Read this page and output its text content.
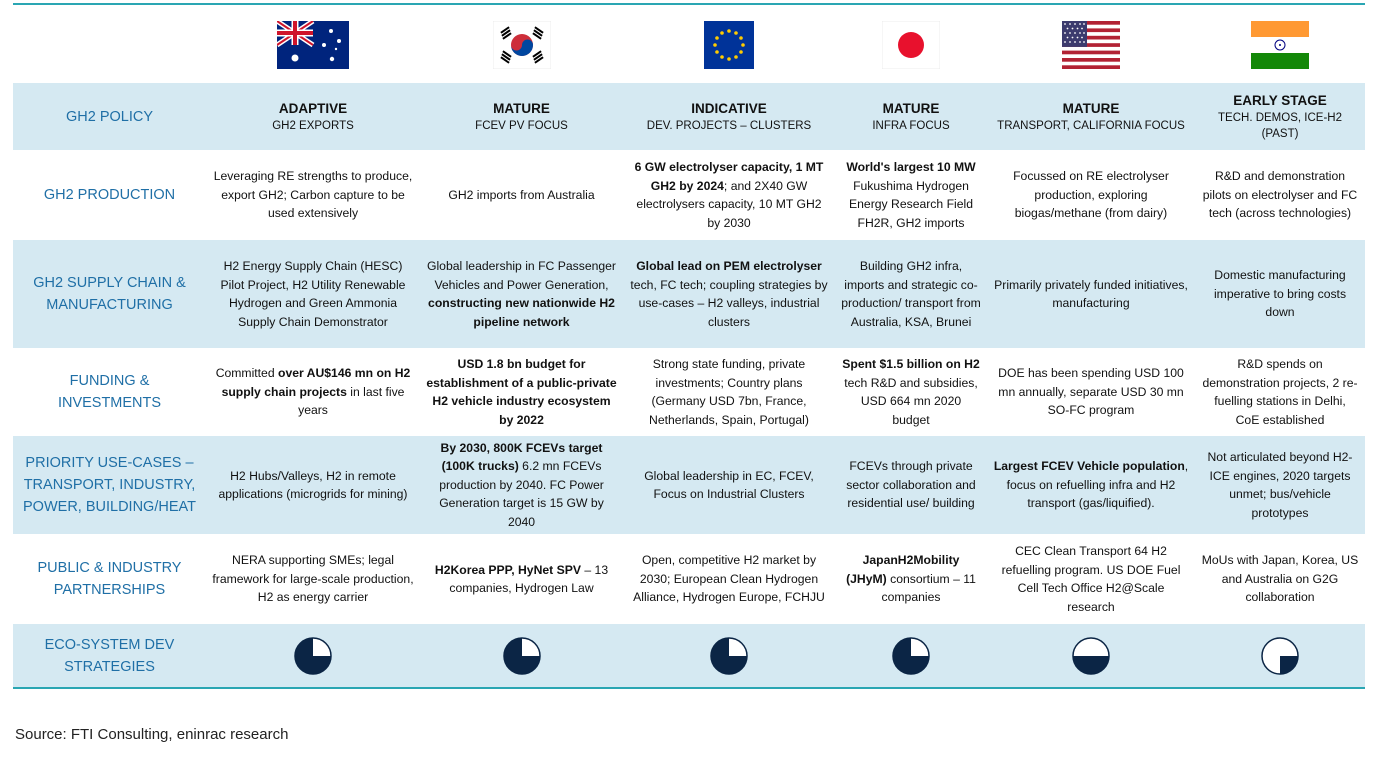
GH2 POLICY
ADAPTIVE
GH2 EXPORTS
MATURE
FCEV PV FOCUS
INDICATIVE
DEV. PROJECTS – CLUSTERS
MATURE
INFRA FOCUS
MATURE
TRANSPORT, CALIFORNIA FOCUS
EARLY STAGE
TECH. DEMOS, ICE-H2 (PAST)
GH2 PRODUCTION
Leveraging RE strengths to produce, export GH2; Carbon capture to be used extensively
GH2 imports from Australia
6 GW electrolyser capacity, 1 MT GH2 by 2024; and 2X40 GW electrolysers capacity, 10 MT GH2 by 2030
World's largest 10 MW Fukushima Hydrogen Energy Research Field FH2R, GH2 imports
Focussed on RE electrolyser production, exploring biogas/methane (from dairy)
R&D and demonstration pilots on electrolyser and FC tech (across technologies)
GH2 SUPPLY CHAIN & MANUFACTURING
H2 Energy Supply Chain (HESC) Pilot Project, H2 Utility Renewable Hydrogen and Green Ammonia Supply Chain Demonstrator
Global leadership in FC Passenger Vehicles and Power Generation, constructing new nationwide H2 pipeline network
Global lead on PEM electrolyser tech, FC tech; coupling strategies by use-cases – H2 valleys, industrial clusters
Building GH2 infra, imports and strategic co-production/ transport from Australia, KSA, Brunei
Primarily privately funded initiatives, manufacturing
Domestic manufacturing imperative to bring costs down
FUNDING & INVESTMENTS
Committed over AU$146 mn on H2 supply chain projects in last five years
USD 1.8 bn budget for establishment of a public-private H2 vehicle industry ecosystem by 2022
Strong state funding, private investments; Country plans (Germany USD 7bn, France, Netherlands, Spain, Portugal)
Spent $1.5 billion on H2 tech R&D and subsidies, USD 664 mn 2020 budget
DOE has been spending USD 100 mn annually, separate USD 30 mn SO-FC program
R&D spends on demonstration projects, 2 re-fuelling stations in Delhi, CoE established
PRIORITY USE-CASES – TRANSPORT, INDUSTRY, POWER, BUILDING/HEAT
H2 Hubs/Valleys, H2 in remote applications (microgrids for mining)
By 2030, 800K FCEVs target (100K trucks) 6.2 mn FCEVs production by 2040. FC Power Generation target is 15 GW by 2040
Global leadership in EC, FCEV, Focus on Industrial Clusters
FCEVs through private sector collaboration and residential use/ building
Largest FCEV Vehicle population, focus on refuelling infra and H2 transport (gas/liquified).
Not articulated beyond H2-ICE engines, 2020 targets unmet; bus/vehicle prototypes
PUBLIC & INDUSTRY PARTNERSHIPS
NERA supporting SMEs; legal framework for large-scale production, H2 as energy carrier
H2Korea PPP, HyNet SPV – 13 companies, Hydrogen Law
Open, competitive H2 market by 2030; European Clean Hydrogen Alliance, Hydrogen Europe, FCHJU
JapanH2Mobility (JHyM) consortium – 11 companies
CEC Clean Transport 64 H2 refuelling program. US DOE Fuel Cell Tech Office H2@Scale research
MoUs with Japan, Korea, US and Australia on G2G collaboration
ECO-SYSTEM DEV STRATEGIES
Source: FTI Consulting, eninrac research
